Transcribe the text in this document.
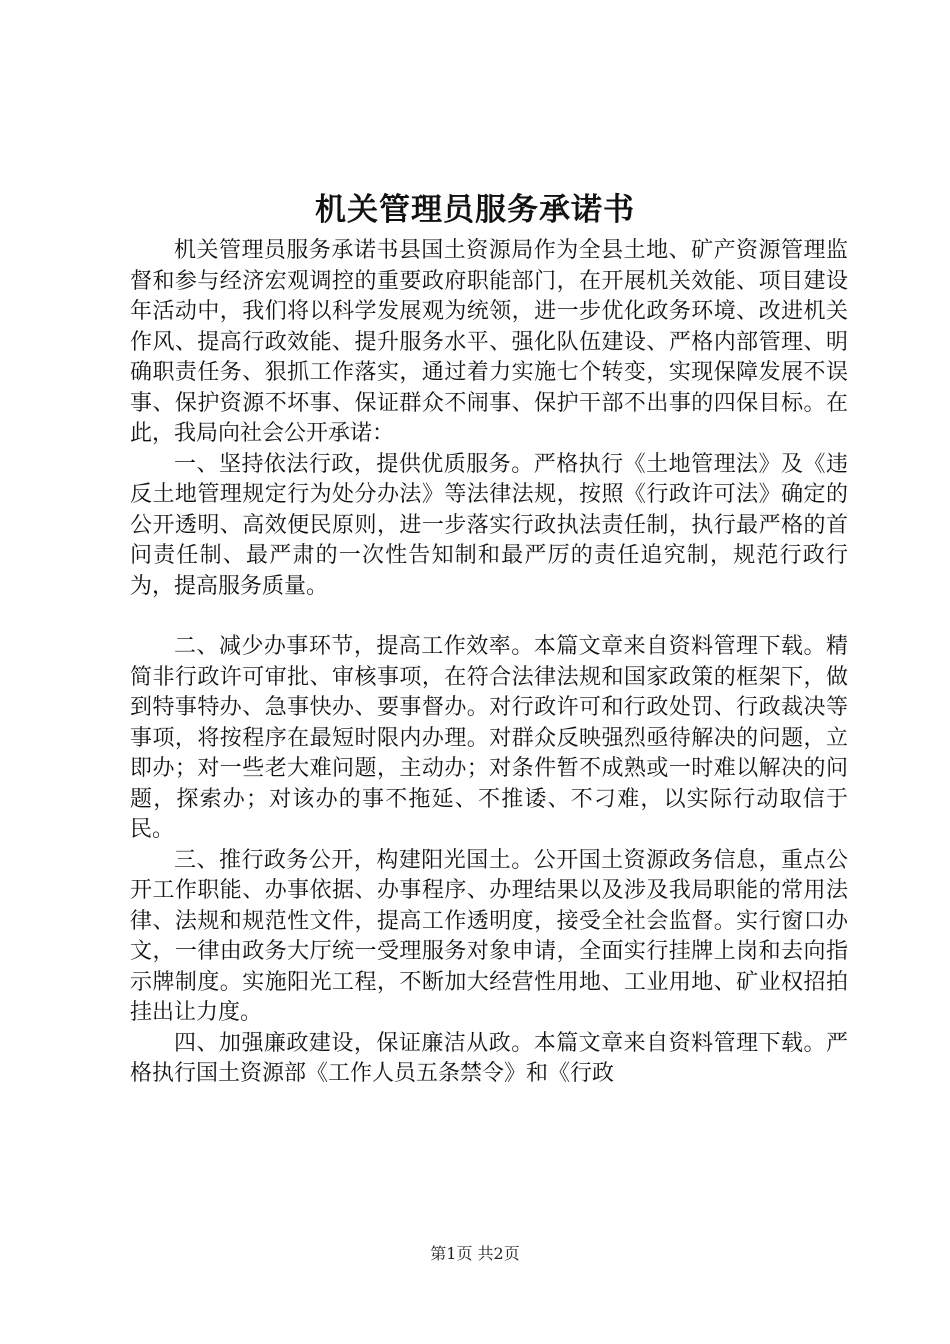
机关管理员服务承诺书

机关管理员服务承诺书县国土资源局作为全县土地、矿产资源管理监督和参与经济宏观调控的重要政府职能部门，在开展机关效能、项目建设年活动中，我们将以科学发展观为统领，进一步优化政务环境、改进机关作风、提高行政效能、提升服务水平、强化队伍建设、严格内部管理、明确职责任务、狠抓工作落实，通过着力实施七个转变，实现保障发展不误事、保护资源不坏事、保证群众不闹事、保护干部不出事的四保目标。在此，我局向社会公开承诺：

一、坚持依法行政，提供优质服务。严格执行《土地管理法》及《违反土地管理规定行为处分办法》等法律法规，按照《行政许可法》确定的公开透明、高效便民原则，进一步落实行政执法责任制，执行最严格的首问责任制、最严肃的一次性告知制和最严厉的责任追究制，规范行政行为，提高服务质量。

二、减少办事环节，提高工作效率。本篇文章来自资料管理下载。精简非行政许可审批、审核事项，在符合法律法规和国家政策的框架下，做到特事特办、急事快办、要事督办。对行政许可和行政处罚、行政裁决等事项，将按程序在最短时限内办理。对群众反映强烈亟待解决的问题，立即办；对一些老大难问题，主动办；对条件暂不成熟或一时难以解决的问题，探索办；对该办的事不拖延、不推诿、不刁难，以实际行动取信于民。

三、推行政务公开，构建阳光国土。公开国土资源政务信息，重点公开工作职能、办事依据、办事程序、办理结果以及涉及我局职能的常用法律、法规和规范性文件，提高工作透明度，接受全社会监督。实行窗口办文，一律由政务大厅统一受理服务对象申请，全面实行挂牌上岗和去向指示牌制度。实施阳光工程，不断加大经营性用地、工业用地、矿业权招拍挂出让力度。

四、加强廉政建设，保证廉洁从政。本篇文章来自资料管理下载。严格执行国土资源部《工作人员五条禁令》和《行政

第1页 共2页
